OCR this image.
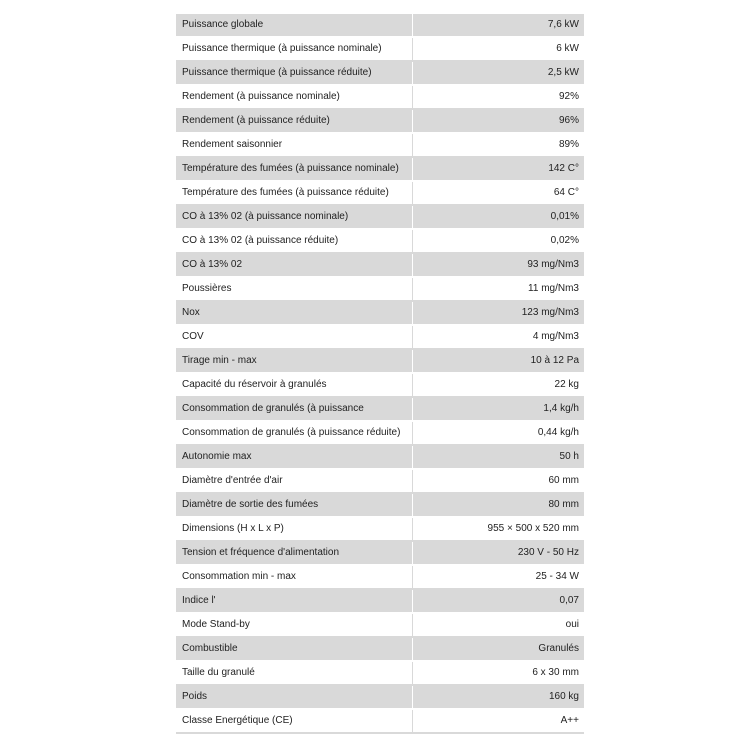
Puissance globale	7,6 kW
Puissance thermique (à puissance nominale)	6 kW
Puissance thermique (à puissance réduite)	2,5 kW
Rendement (à puissance nominale)	92%
Rendement (à puissance réduite)	96%
Rendement saisonnier	89%
Température des fumées (à puissance nominale)	142 C°
Température des fumées (à puissance réduite)	64 C°
CO à 13% 02 (à puissance nominale)	0,01%
CO à 13% 02 (à puissance réduite)	0,02%
CO à 13% 02	93 mg/Nm3
Poussières	11 mg/Nm3
Nox	123 mg/Nm3
COV	4 mg/Nm3
Tirage min - max	10 à 12 Pa
Capacité du réservoir à granulés	22 kg

Consommation de granulés (à puissance	1,4 kg/h
Consommation de granulés (à puissance réduite)	0,44 kg/h
Autonomie max	50 h
Diamètre d'entrée d'air	60 mm
Diamètre de sortie des fumées	80 mm
Dimensions (H x L x P)	955 × 500 x 520 mm
Tension et fréquence d'alimentation	230 V - 50 Hz
Consommation min - max	25 - 34 W
Indice l'	0,07
Mode Stand-by	oui
Combustible	Granulés
Taille du granulé	6 x 30 mm
Poids	160 kg
Classe Energétique (CE)	A++
